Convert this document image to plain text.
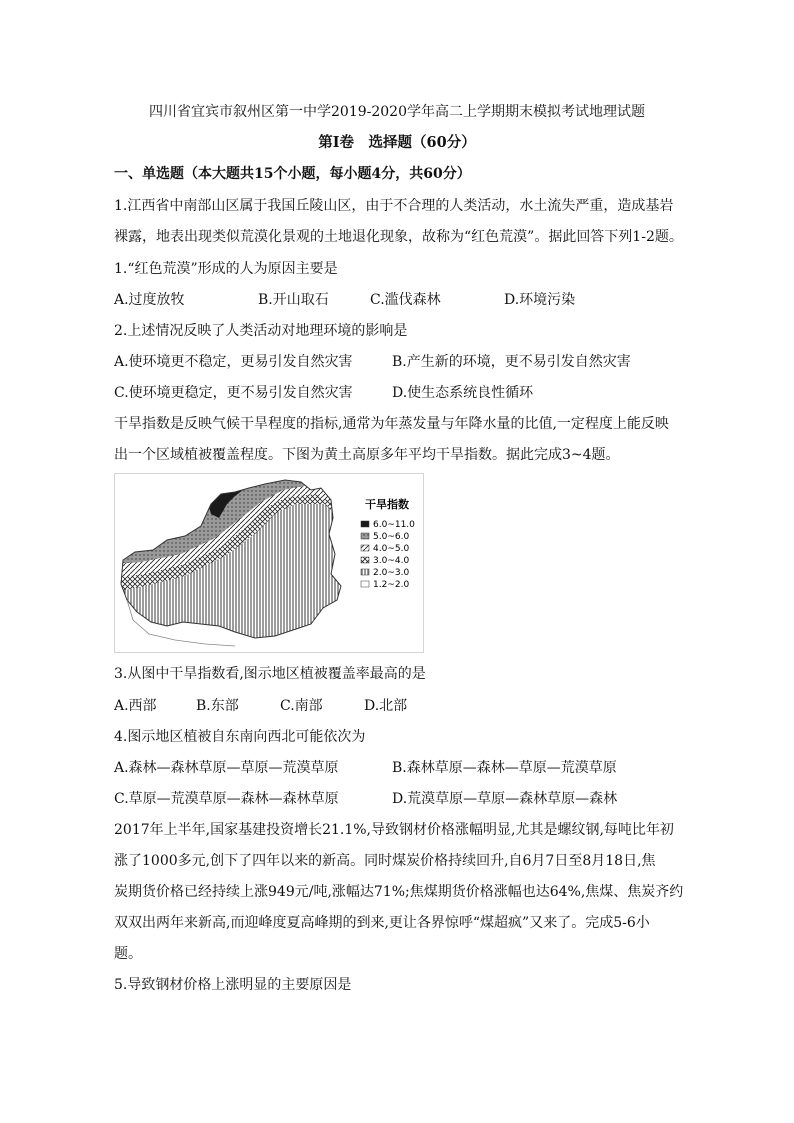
四川省宜宾市叙州区第一中学2019-2020学年高二上学期期末模拟考试地理试题
第Ⅰ卷　选择题（60分）
一、单选题（本大题共15个小题，每小题4分，共60分）
1.江西省中南部山区属于我国丘陵山区，由于不合理的人类活动，水土流失严重，造成基岩
裸露，地表出现类似荒漠化景观的土地退化现象，故称为“红色荒漠”。据此回答下列1-2题。
1.“红色荒漠”形成的人为原因主要是
A.过度放牧	B.开山取石	C.滥伐森林	D.环境污染
2.上述情况反映了人类活动对地理环境的影响是
A.使环境更不稳定，更易引发自然灾害	B.产生新的环境，更不易引发自然灾害
C.使环境更稳定，更不易引发自然灾害	D.使生态系统良性循环
干旱指数是反映气候干旱程度的指标,通常为年蒸发量与年降水量的比值,一定程度上能反映
出一个区域植被覆盖程度。下图为黄土高原多年平均干旱指数。据此完成3~4题。
干旱指数
6.0~11.0
5.0~6.0
4.0~5.0
3.0~4.0
2.0~3.0
1.2~2.0
3.从图中干旱指数看,图示地区植被覆盖率最高的是
A.西部	B.东部	C.南部	D.北部
4.图示地区植被自东南向西北可能依次为
A.森林—森林草原—草原—荒漠草原	B.森林草原—森林—草原—荒漠草原
C.草原—荒漠草原—森林—森林草原	D.荒漠草原—草原—森林草原—森林
2017年上半年,国家基建投资增长21.1%,导致钢材价格涨幅明显,尤其是螺纹钢,每吨比年初
涨了1000多元,创下了四年以来的新高。同时煤炭价格持续回升,自6月7日至8月18日,焦
炭期货价格已经持续上涨949元/吨,涨幅达71%;焦煤期货价格涨幅也达64%,焦煤、焦炭齐约
双双出两年来新高,而迎峰度夏高峰期的到来,更让各界惊呼“煤超疯”又来了。完成5-6小
题。
5.导致钢材价格上涨明显的主要原因是
